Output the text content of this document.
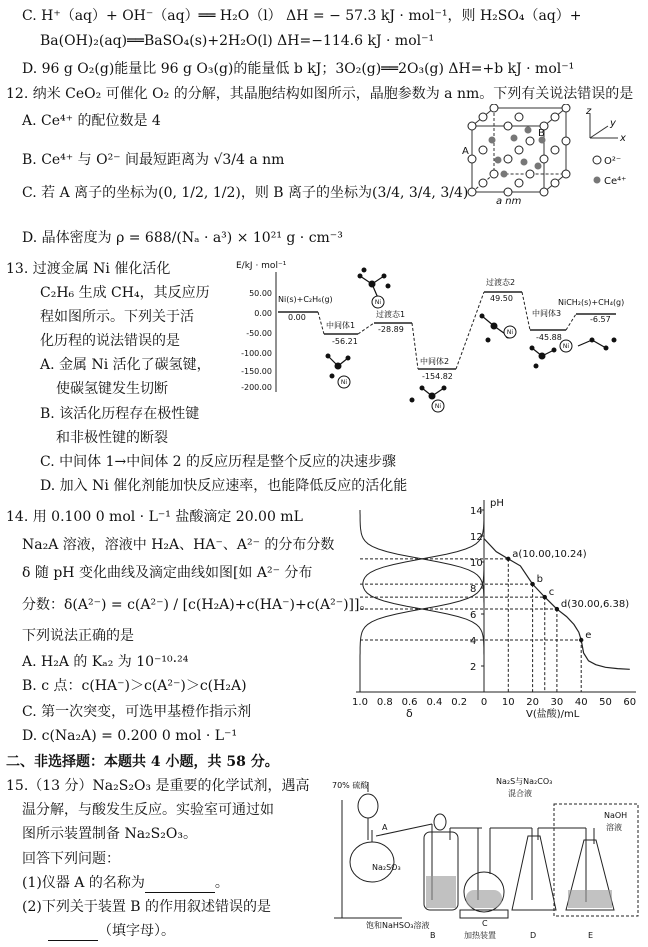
C. H⁺（aq）+ OH⁻（aq）══ H₂O（l） ΔH = − 57.3 kJ · mol⁻¹，则 H₂SO₄（aq）+
Ba(OH)₂(aq)══BaSO₄(s)+2H₂O(l) ΔH=−114.6 kJ · mol⁻¹
D. 96 g O₂(g)能量比 96 g O₃(g)的能量低 b kJ；3O₂(g)══2O₃(g) ΔH=+b kJ · mol⁻¹
12. 纳米 CeO₂ 可催化 O₂ 的分解，其晶胞结构如图所示，晶胞参数为 a nm。下列有关说法错误的是
A. Ce⁴⁺ 的配位数是 4
B. Ce⁴⁺ 与 O²⁻ 间最短距离为 √3/4 a nm
C. 若 A 离子的坐标为(0, 1/2, 1/2)，则 B 离子的坐标为(3/4, 3/4, 3/4)
D. 晶体密度为 ρ = 688/(Nₐ · a³) × 10²¹ g · cm⁻³
A
B
a nm
z
x
y
O²⁻
Ce⁴⁺
13. 过渡金属 Ni 催化活化
C₂H₆ 生成 CH₄，其反应历
程如图所示。下列关于活
化历程的说法错误的是
A. 金属 Ni 活化了碳氢键，
使碳氢键发生切断
B. 该活化历程存在极性键
和非极性键的断裂
C. 中间体 1→中间体 2 的反应历程是整个反应的决速步骤
D. 加入 Ni 催化剂能加快反应速率，也能降低反应的活化能
E/kJ · mol⁻¹
50.00
0.00
-50.00
-100.00
-150.00
-200.00
Ni(s)+C₂H₆(g)
0.00
中间体1
-56.21
过渡态1
-28.89
中间体2
-154.82
过渡态2
49.50
中间体3
-45.88
NiCH₂(s)+CH₄(g)
-6.57
Ni
Ni
Ni
Ni
Ni
14. 用 0.100 0 mol · L⁻¹ 盐酸滴定 20.00 mL
Na₂A 溶液，溶液中 H₂A、HA⁻、A²⁻ 的分布分数
δ 随 pH 变化曲线及滴定曲线如图[如 A²⁻ 分布
分数：δ(A²⁻) = c(A²⁻) / [c(H₂A)+c(HA⁻)+c(A²⁻)]]。
下列说法正确的是
A. H₂A 的 Kₐ₂ 为 10⁻¹⁰·²⁴
B. c 点：c(HA⁻)＞c(A²⁻)＞c(H₂A)
C. 第一次突变，可选甲基橙作指示剂
D. c(Na₂A) = 0.200 0 mol · L⁻¹
a(10.00,10.24)
b
c
d(30.00,6.38)
e
2
4
6
8
10
12
14
10 20 30 40 50 60
1.0 0.8 0.6 0.4 0.2 0
pH
δ	V(盐酸)/mL
二、非选择题：本题共 4 小题，共 58 分。
15.（13 分）Na₂S₂O₃ 是重要的化学试剂，遇高
温分解，与酸发生反应。实验室可通过如
图所示装置制备 Na₂S₂O₃。
回答下列问题：
(1)仪器 A 的名称为	。
(2)下列关于装置 B 的作用叙述错误的是
（填字母）。
70% 硫酸
A
Na₂SO₃
Na₂S与Na₂CO₃
混合液
NaOH
溶液
饱和NaHSO₃溶液
加热装置
B
C
D	E
